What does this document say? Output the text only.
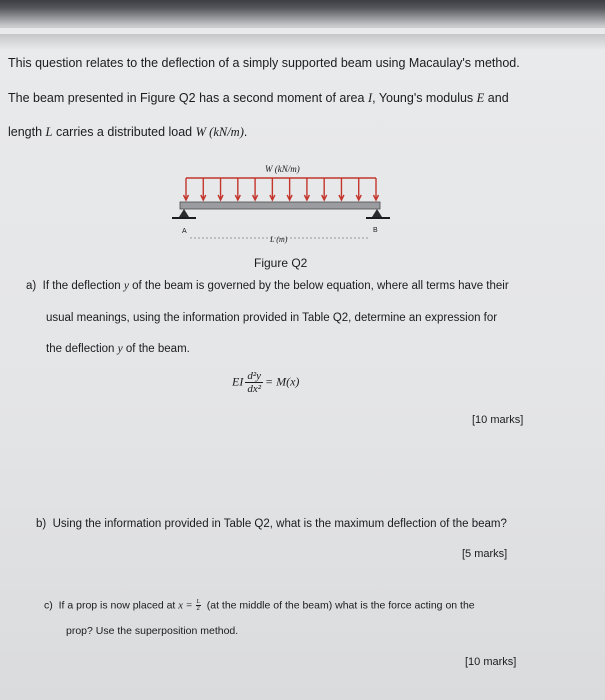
This question relates to the deflection of a simply supported beam using Macaulay's method.
The beam presented in Figure Q2 has a second moment of area I, Young's modulus E and
length L carries a distributed load W (kN/m).
W (kN/m)
A	B
L (m)
Figure Q2
a) If the deflection y of the beam is governed by the below equation, where all terms have their
usual meanings, using the information provided in Table Q2, determine an expression for
the deflection y of the beam.
EI $\frac{\text{d²y}}{\text{dx²}} = M(x)$
[10 marks]
b) Using the information provided in Table Q2, what is the maximum deflection of the beam?
[5 marks]
c) If a prop is now placed at $x = \frac{L}{2} (at$ the middle of the beam) what is the force acting on the
prop? Use the superposition method.
[10 marks]
